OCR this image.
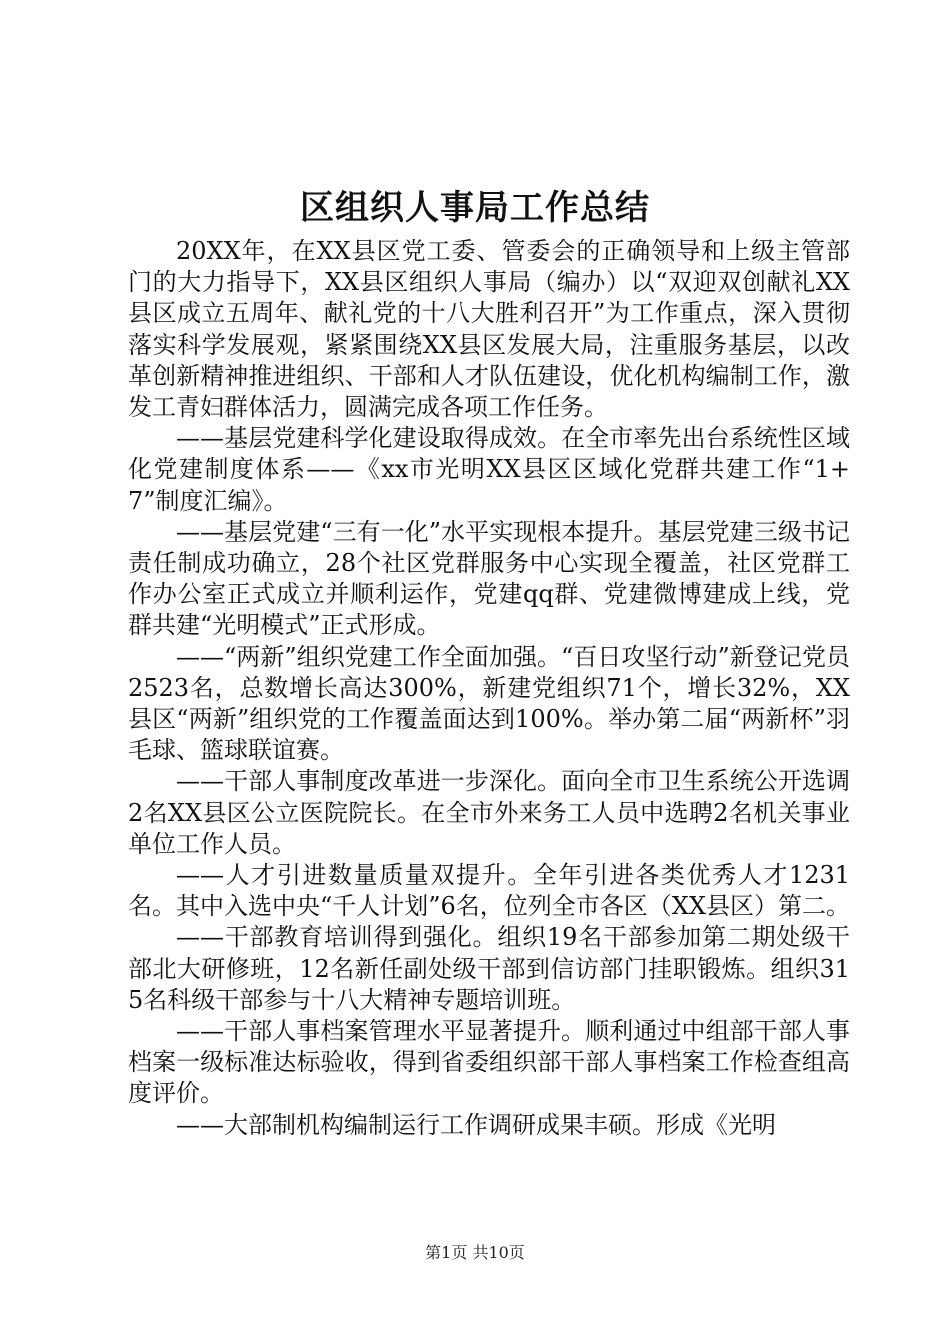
区组织人事局工作总结

20XX年，在XX县区党工委、管委会的正确领导和上级主管部门的大力指导下，XX县区组织人事局（编办）以“双迎双创献礼XX县区成立五周年、献礼党的十八大胜利召开”为工作重点，深入贯彻落实科学发展观，紧紧围绕XX县区发展大局，注重服务基层，以改革创新精神推进组织、干部和人才队伍建设，优化机构编制工作，激发工青妇群体活力，圆满完成各项工作任务。

——基层党建科学化建设取得成效。在全市率先出台系统性区域化党建制度体系——《xx市光明XX县区区域化党群共建工作“1+7”制度汇编》。

——基层党建“三有一化”水平实现根本提升。基层党建三级书记责任制成功确立，28个社区党群服务中心实现全覆盖，社区党群工作办公室正式成立并顺利运作，党建qq群、党建微博建成上线，党群共建“光明模式”正式形成。

——“两新”组织党建工作全面加强。“百日攻坚行动”新登记党员2523名，总数增长高达300%，新建党组织71个，增长32%，XX县区“两新”组织党的工作覆盖面达到100%。举办第二届“两新杯”羽毛球、篮球联谊赛。

——干部人事制度改革进一步深化。面向全市卫生系统公开选调2名XX县区公立医院院长。在全市外来务工人员中选聘2名机关事业单位工作人员。

——人才引进数量质量双提升。全年引进各类优秀人才1231名。其中入选中央“千人计划”6名，位列全市各区（XX县区）第二。

——干部教育培训得到强化。组织19名干部参加第二期处级干部北大研修班，12名新任副处级干部到信访部门挂职锻炼。组织315名科级干部参与十八大精神专题培训班。

——干部人事档案管理水平显著提升。顺利通过中组部干部人事档案一级标准达标验收，得到省委组织部干部人事档案工作检查组高度评价。

——大部制机构编制运行工作调研成果丰硕。形成《光明

第1页 共10页
